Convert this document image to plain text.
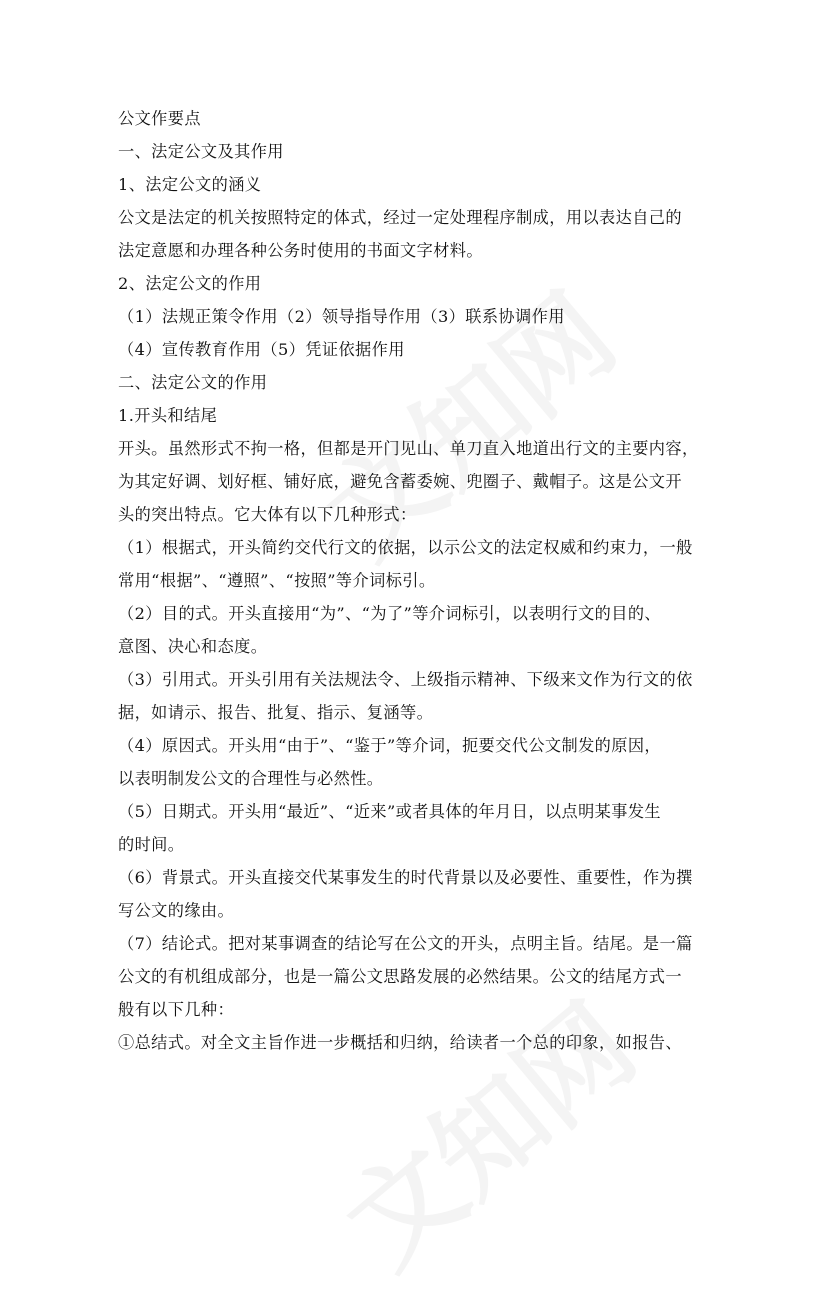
公文作要点
一、法定公文及其作用
1、法定公文的涵义
公文是法定的机关按照特定的体式，经过一定处理程序制成，用以表达自己的
法定意愿和办理各种公务时使用的书面文字材料。
2、法定公文的作用
（1）法规正策令作用（2）领导指导作用（3）联系协调作用
（4）宣传教育作用（5）凭证依据作用
二、法定公文的作用
1.开头和结尾
开头。虽然形式不拘一格，但都是开门见山、单刀直入地道出行文的主要内容，
为其定好调、划好框、铺好底，避免含蓄委婉、兜圈子、戴帽子。这是公文开
头的突出特点。它大体有以下几种形式：
（1）根据式，开头简约交代行文的依据，以示公文的法定权威和约束力，一般
常用“根据”、“遵照”、“按照”等介词标引。
（2）目的式。开头直接用“为”、“为了”等介词标引，以表明行文的目的、
意图、决心和态度。
（3）引用式。开头引用有关法规法令、上级指示精神、下级来文作为行文的依
据，如请示、报告、批复、指示、复涵等。
（4）原因式。开头用“由于”、“鉴于”等介词，扼要交代公文制发的原因，
以表明制发公文的合理性与必然性。
（5）日期式。开头用“最近”、“近来”或者具体的年月日，以点明某事发生
的时间。
（6）背景式。开头直接交代某事发生的时代背景以及必要性、重要性，作为撰
写公文的缘由。
（7）结论式。把对某事调查的结论写在公文的开头，点明主旨。结尾。是一篇
公文的有机组成部分，也是一篇公文思路发展的必然结果。公文的结尾方式一
般有以下几种：
①总结式。对全文主旨作进一步概括和归纳，给读者一个总的印象，如报告、
